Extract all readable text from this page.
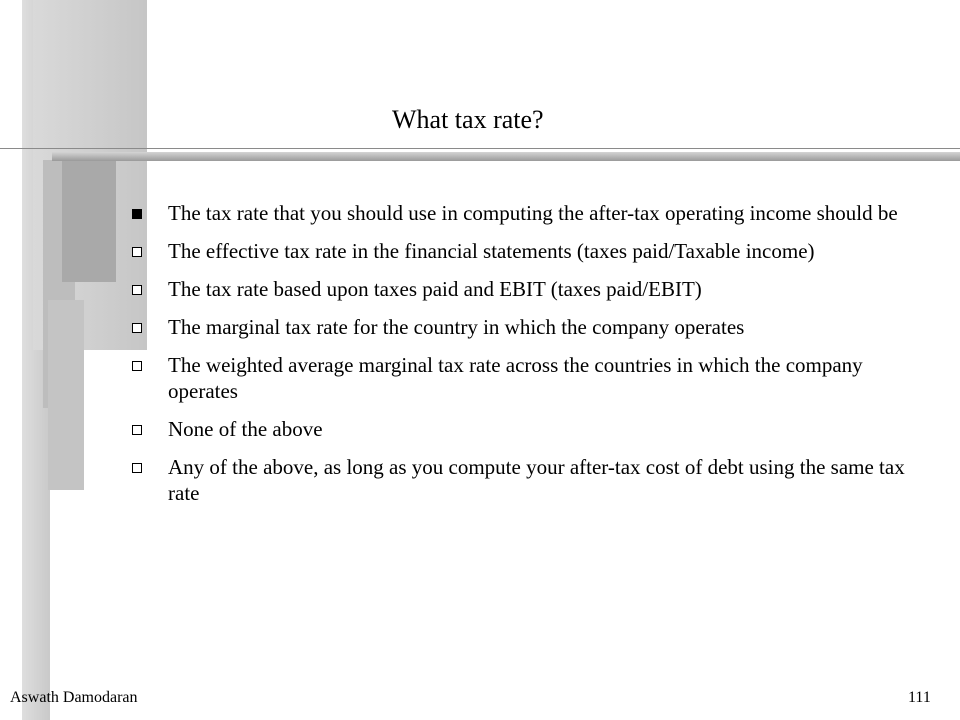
What tax rate?
The tax rate that you should use in computing the after-tax operating income should be
The effective tax rate in the financial statements (taxes paid/Taxable income)
The tax rate based upon taxes paid and EBIT (taxes paid/EBIT)
The marginal tax rate for the country in which the company operates
The weighted average marginal tax rate across the countries in which the company operates
None of the above
Any of the above, as long as you compute your after-tax cost of debt using the same tax rate
Aswath Damodaran	111
